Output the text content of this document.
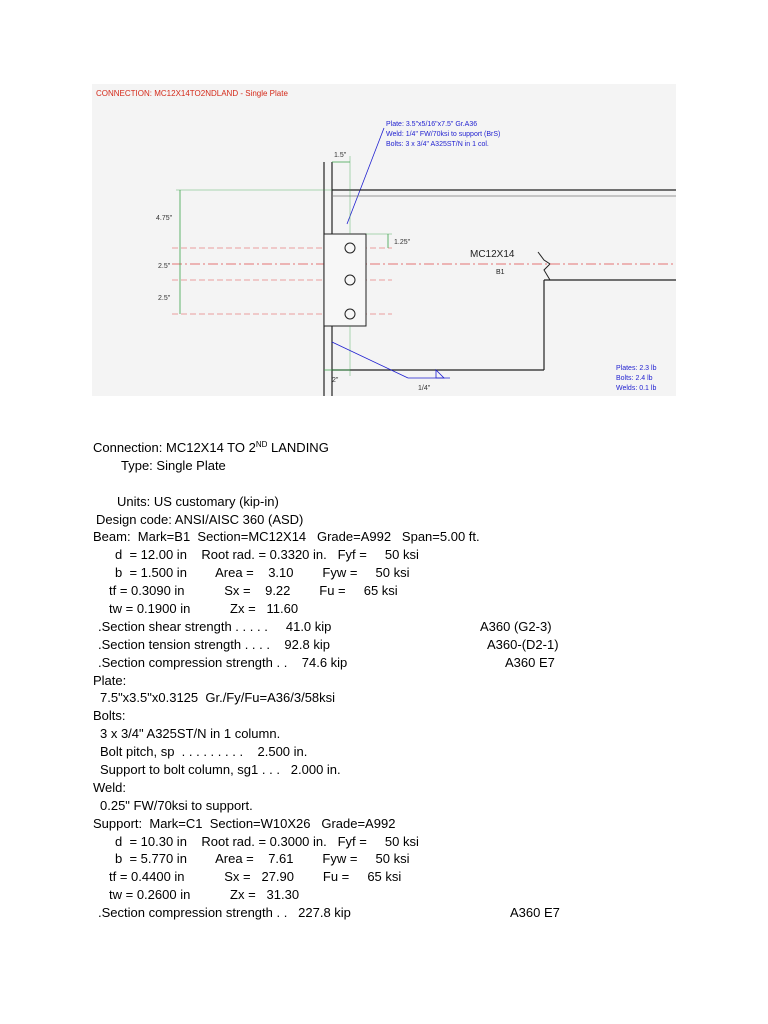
CONNECTION: MC12X14TO2NDLAND - Single Plate
Plate: 3.5"x5/16"x7.5" Gr.A36
Weld: 1/4" FW/70ksi to support (BrS)
Bolts: 3 x 3/4" A325ST/N in 1 col.
4.75"
2.5"
2.5"
1.5"
1.25"
2"
1/4"
MC12X14
B1
Plates: 2.3 lb
Bolts: 2.4 lb
Welds: 0.1 lb
Connection: MC12X14 TO 2ND LANDING
Type: Single Plate
Units: US customary (kip-in)
Design code: ANSI/AISC 360 (ASD)
Beam:  Mark=B1  Section=MC12X14   Grade=A992   Span=5.00 ft.
d  = 12.00 in    Root rad. = 0.3320 in.   Fyf =     50 ksi
b  = 1.500 in        Area =    3.10        Fyw =     50 ksi
tf = 0.3090 in           Sx =    9.22        Fu =     65 ksi
tw = 0.1900 in           Zx =   11.60
.Section shear strength . . . . .     41.0 kip	A360 (G2-3)
.Section tension strength . . . .    92.8 kip	A360-(D2-1)
.Section compression strength . .    74.6 kip	A360 E7
Plate:
7.5"x3.5"x0.3125  Gr./Fy/Fu=A36/3/58ksi
Bolts:
3 x 3/4" A325ST/N in 1 column.
Bolt pitch, sp  . . . . . . . . .    2.500 in.
Support to bolt column, sg1 . . .   2.000 in.
Weld:
0.25" FW/70ksi to support.
Support:  Mark=C1  Section=W10X26   Grade=A992
d  = 10.30 in    Root rad. = 0.3000 in.   Fyf =     50 ksi
b  = 5.770 in        Area =    7.61        Fyw =     50 ksi
tf = 0.4400 in           Sx =   27.90        Fu =     65 ksi
tw = 0.2600 in           Zx =   31.30
.Section compression strength . .   227.8 kip	A360 E7
